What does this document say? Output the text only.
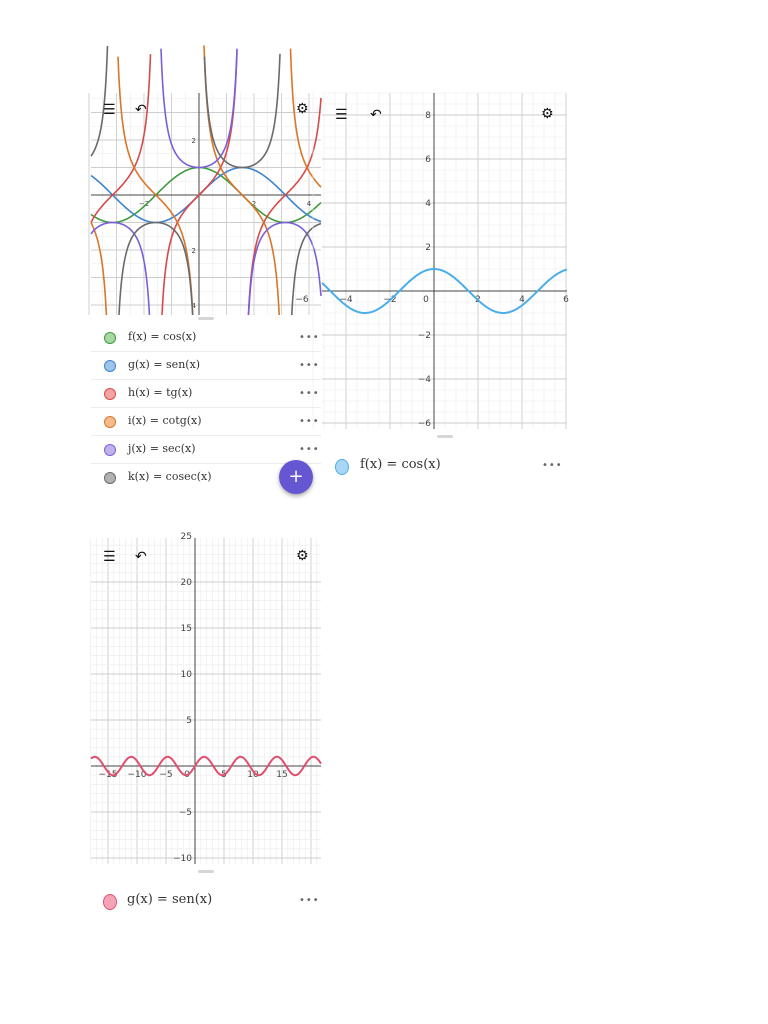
−2	2	4
2
2
4
☰ ↶	⚙
f(x) = cos(x)	•••
g(x) = sen(x)	•••
h(x) = tg(x)	•••
i(x) = cotg(x)	•••
j(x) = sec(x)	•••
k(x) = cosec(x)	+
−6	−4	−2	0	2	4	6
8
6
4
2
−2
−4
−6
☰ ↶	⚙
f(x) = cos(x)	•••
−15 −10 −5 0	5 10 15
25
20
15
10
5
−5
−10
☰ ↶	⚙
g(x) = sen(x)	•••
